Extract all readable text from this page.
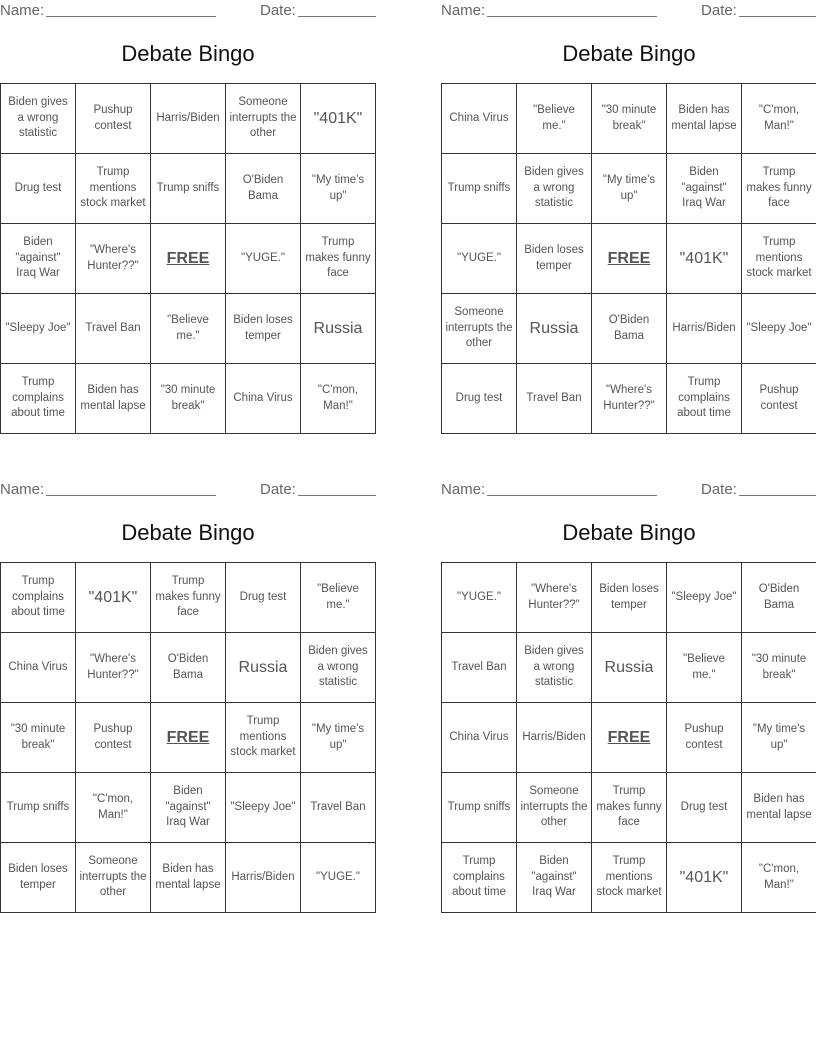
Name:	Date:
Debate Bingo
Biden gives a wrong statistic	Pushup contest	Harris/Biden	Someone interrupts the other	"401K"
Drug test	Trump mentions stock market	Trump sniffs	O'Biden Bama	"My time's up"
Biden "against" Iraq War	"Where's Hunter??"	FREE	"YUGE."	Trump makes funny face
"Sleepy Joe"	Travel Ban	"Believe me."	Biden loses temper	Russia
Trump complains about time	Biden has mental lapse	"30 minute break"	China Virus	"C'mon, Man!"
Name:	Date:
Debate Bingo
China Virus	"Believe me."	"30 minute break"	Biden has mental lapse	"C'mon, Man!"
Trump sniffs	Biden gives a wrong statistic	"My time's up"	Biden "against" Iraq War	Trump makes funny face
"YUGE."	Biden loses temper	FREE	"401K"	Trump mentions stock market
Someone interrupts the other	Russia	O'Biden Bama	Harris/Biden	"Sleepy Joe"
Drug test	Travel Ban	"Where's Hunter??"	Trump complains about time	Pushup contest
Name:	Date:
Debate Bingo
Trump complains about time	"401K"	Trump makes funny face	Drug test	"Believe me."
China Virus	"Where's Hunter??"	O'Biden Bama	Russia	Biden gives a wrong statistic
"30 minute break"	Pushup contest	FREE	Trump mentions stock market	"My time's up"
Trump sniffs	"C'mon, Man!"	Biden "against" Iraq War	"Sleepy Joe"	Travel Ban
Biden loses temper	Someone interrupts the other	Biden has mental lapse	Harris/Biden	"YUGE."
Name:	Date:
Debate Bingo
"YUGE."	"Where's Hunter??"	Biden loses temper	"Sleepy Joe"	O'Biden Bama
Travel Ban	Biden gives a wrong statistic	Russia	"Believe me."	"30 minute break"
China Virus	Harris/Biden	FREE	Pushup contest	"My time's up"
Trump sniffs	Someone interrupts the other	Trump makes funny face	Drug test	Biden has mental lapse
Trump complains about time	Biden "against" Iraq War	Trump mentions stock market	"401K"	"C'mon, Man!"
